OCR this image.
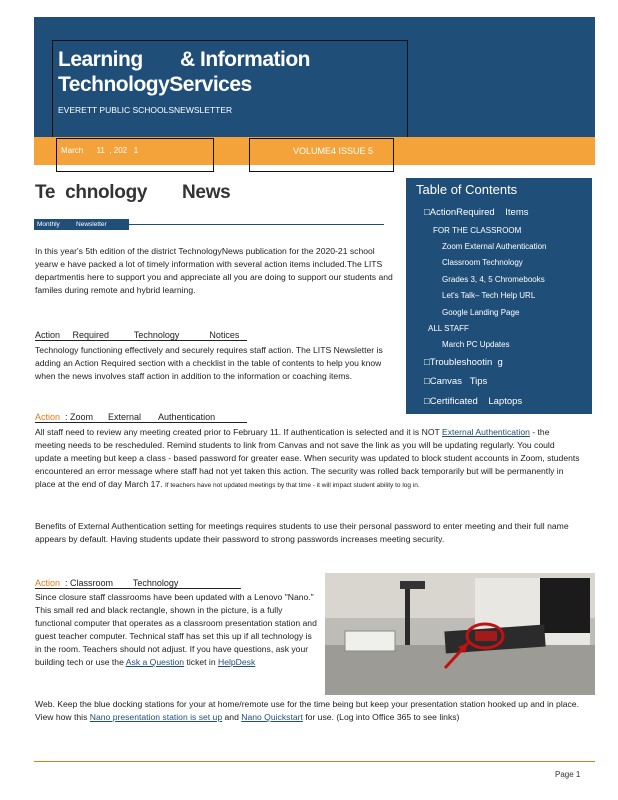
Learning       & Information
TechnologyServices
EVERETT PUBLIC SCHOOLSNEWSLETTER
March      11  , 202   1	VOLUME4 ISSUE 5
Te  chnology       News
Monthly         Newsletter
In this year's 5th edition of the district TechnologyNews publication for the 2020-21 school yearw e have packed a lot of timely information with several action items included.The LITS departmentis here to support you and appreciate all you are doing to support our students and familes during remote and hybrid learning.
Action     Required          Technology            Notices
Technology functioning effectively and securely requires staff action. The LITS Newsletter is adding an Action Required section with a checklist in the table of contents to help you know when the news involves staff action in addition to the information or coaching items.
Action  : Zoom      External       Authentication
All staff need to review any meeting created prior to February 11. If authentication is selected and it is NOT External Authentication - the meeting needs to be rescheduled. Remind students to link from Canvas and not save the link as you will be updating regularly. You could update a meeting but keep a class - based password for greater ease. When security was updated to block student accounts in Zoom, students encountered an error message where staff had not yet taken this action. The security was rolled back temporarily but will be permanently in place at the end of day March 17. If teachers have not updated meetings by that time - it will impact student ability to log in.
Benefits of External Authentication setting for meetings requires students to use their personal password to enter meeting and their full name appears by default. Having students update their password to strong passwords increases meeting security.
Action  : Classroom        Technology
Since closure staff classrooms have been updated with a Lenovo "Nano." This small red and black rectangle, shown in the picture, is a fully functional computer that operates as a classroom presentation station and guest teacher computer. Technical staff has set this up if all technology is in the room. Teachers should not adjust. If you have questions, ask your building tech or use the Ask a Question ticket in HelpDesk
Web. Keep the blue docking stations for your at home/remote use for the time being but keep your presentation station hooked up and in place. View how this Nano presentation station is set up and Nano Quickstart for use. (Log into Office 365 to see links)
Table of Contents
□ActionRequired    Items
FOR THE CLASSROOM
Zoom External Authentication
Classroom Technology
Grades 3, 4, 5 Chromebooks
Let's Talk– Tech Help URL
Google Landing Page
ALL STAFF
March PC Updates
□Troubleshootin  g
□Canvas   Tips
□Certificated    Laptops
Page 1
